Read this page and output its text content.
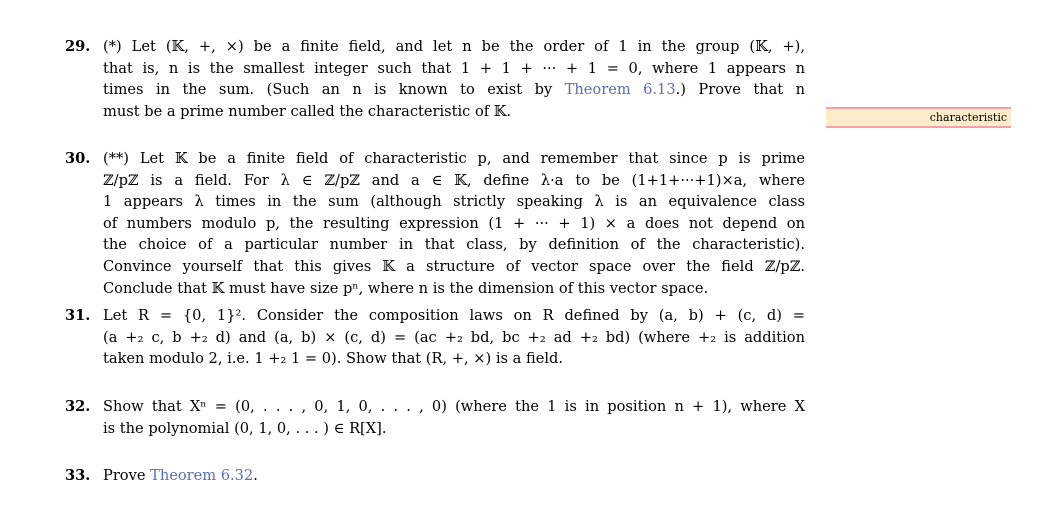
29. (*) Let (𝕂, +, ×) be a finite field, and let n be the order of 1 in the group (𝕂, +),
that is, n is the smallest integer such that 1 + 1 + ··· + 1 = 0, where 1 appears n
times in the sum. (Such an n is known to exist by Theorem 6.13.) Prove that n
must be a prime number called the characteristic of 𝕂.
30. (**) Let 𝕂 be a finite field of characteristic p, and remember that since p is prime
ℤ/pℤ is a field. For λ ∈ ℤ/pℤ and a ∈ 𝕂, define λ·a to be (1+1+···+1)×a, where
1 appears λ times in the sum (although strictly speaking λ is an equivalence class
of numbers modulo p, the resulting expression (1 + ··· + 1) × a does not depend on
the choice of a particular number in that class, by definition of the characteristic).
Convince yourself that this gives 𝕂 a structure of vector space over the field ℤ/pℤ.
Conclude that 𝕂 must have size pⁿ, where n is the dimension of this vector space.
31. Let R = {0, 1}². Consider the composition laws on R defined by (a, b) + (c, d) =
(a +₂ c, b +₂ d) and (a, b) × (c, d) = (ac +₂ bd, bc +₂ ad +₂ bd) (where +₂ is addition
taken modulo 2, i.e. 1 +₂ 1 = 0). Show that (R, +, ×) is a field.
32. Show that Xⁿ = (0, . . . , 0, 1, 0, . . . , 0) (where the 1 is in position n + 1), where X
is the polynomial (0, 1, 0, . . . ) ∈ R[X].
33. Prove Theorem 6.32.
characteristic
